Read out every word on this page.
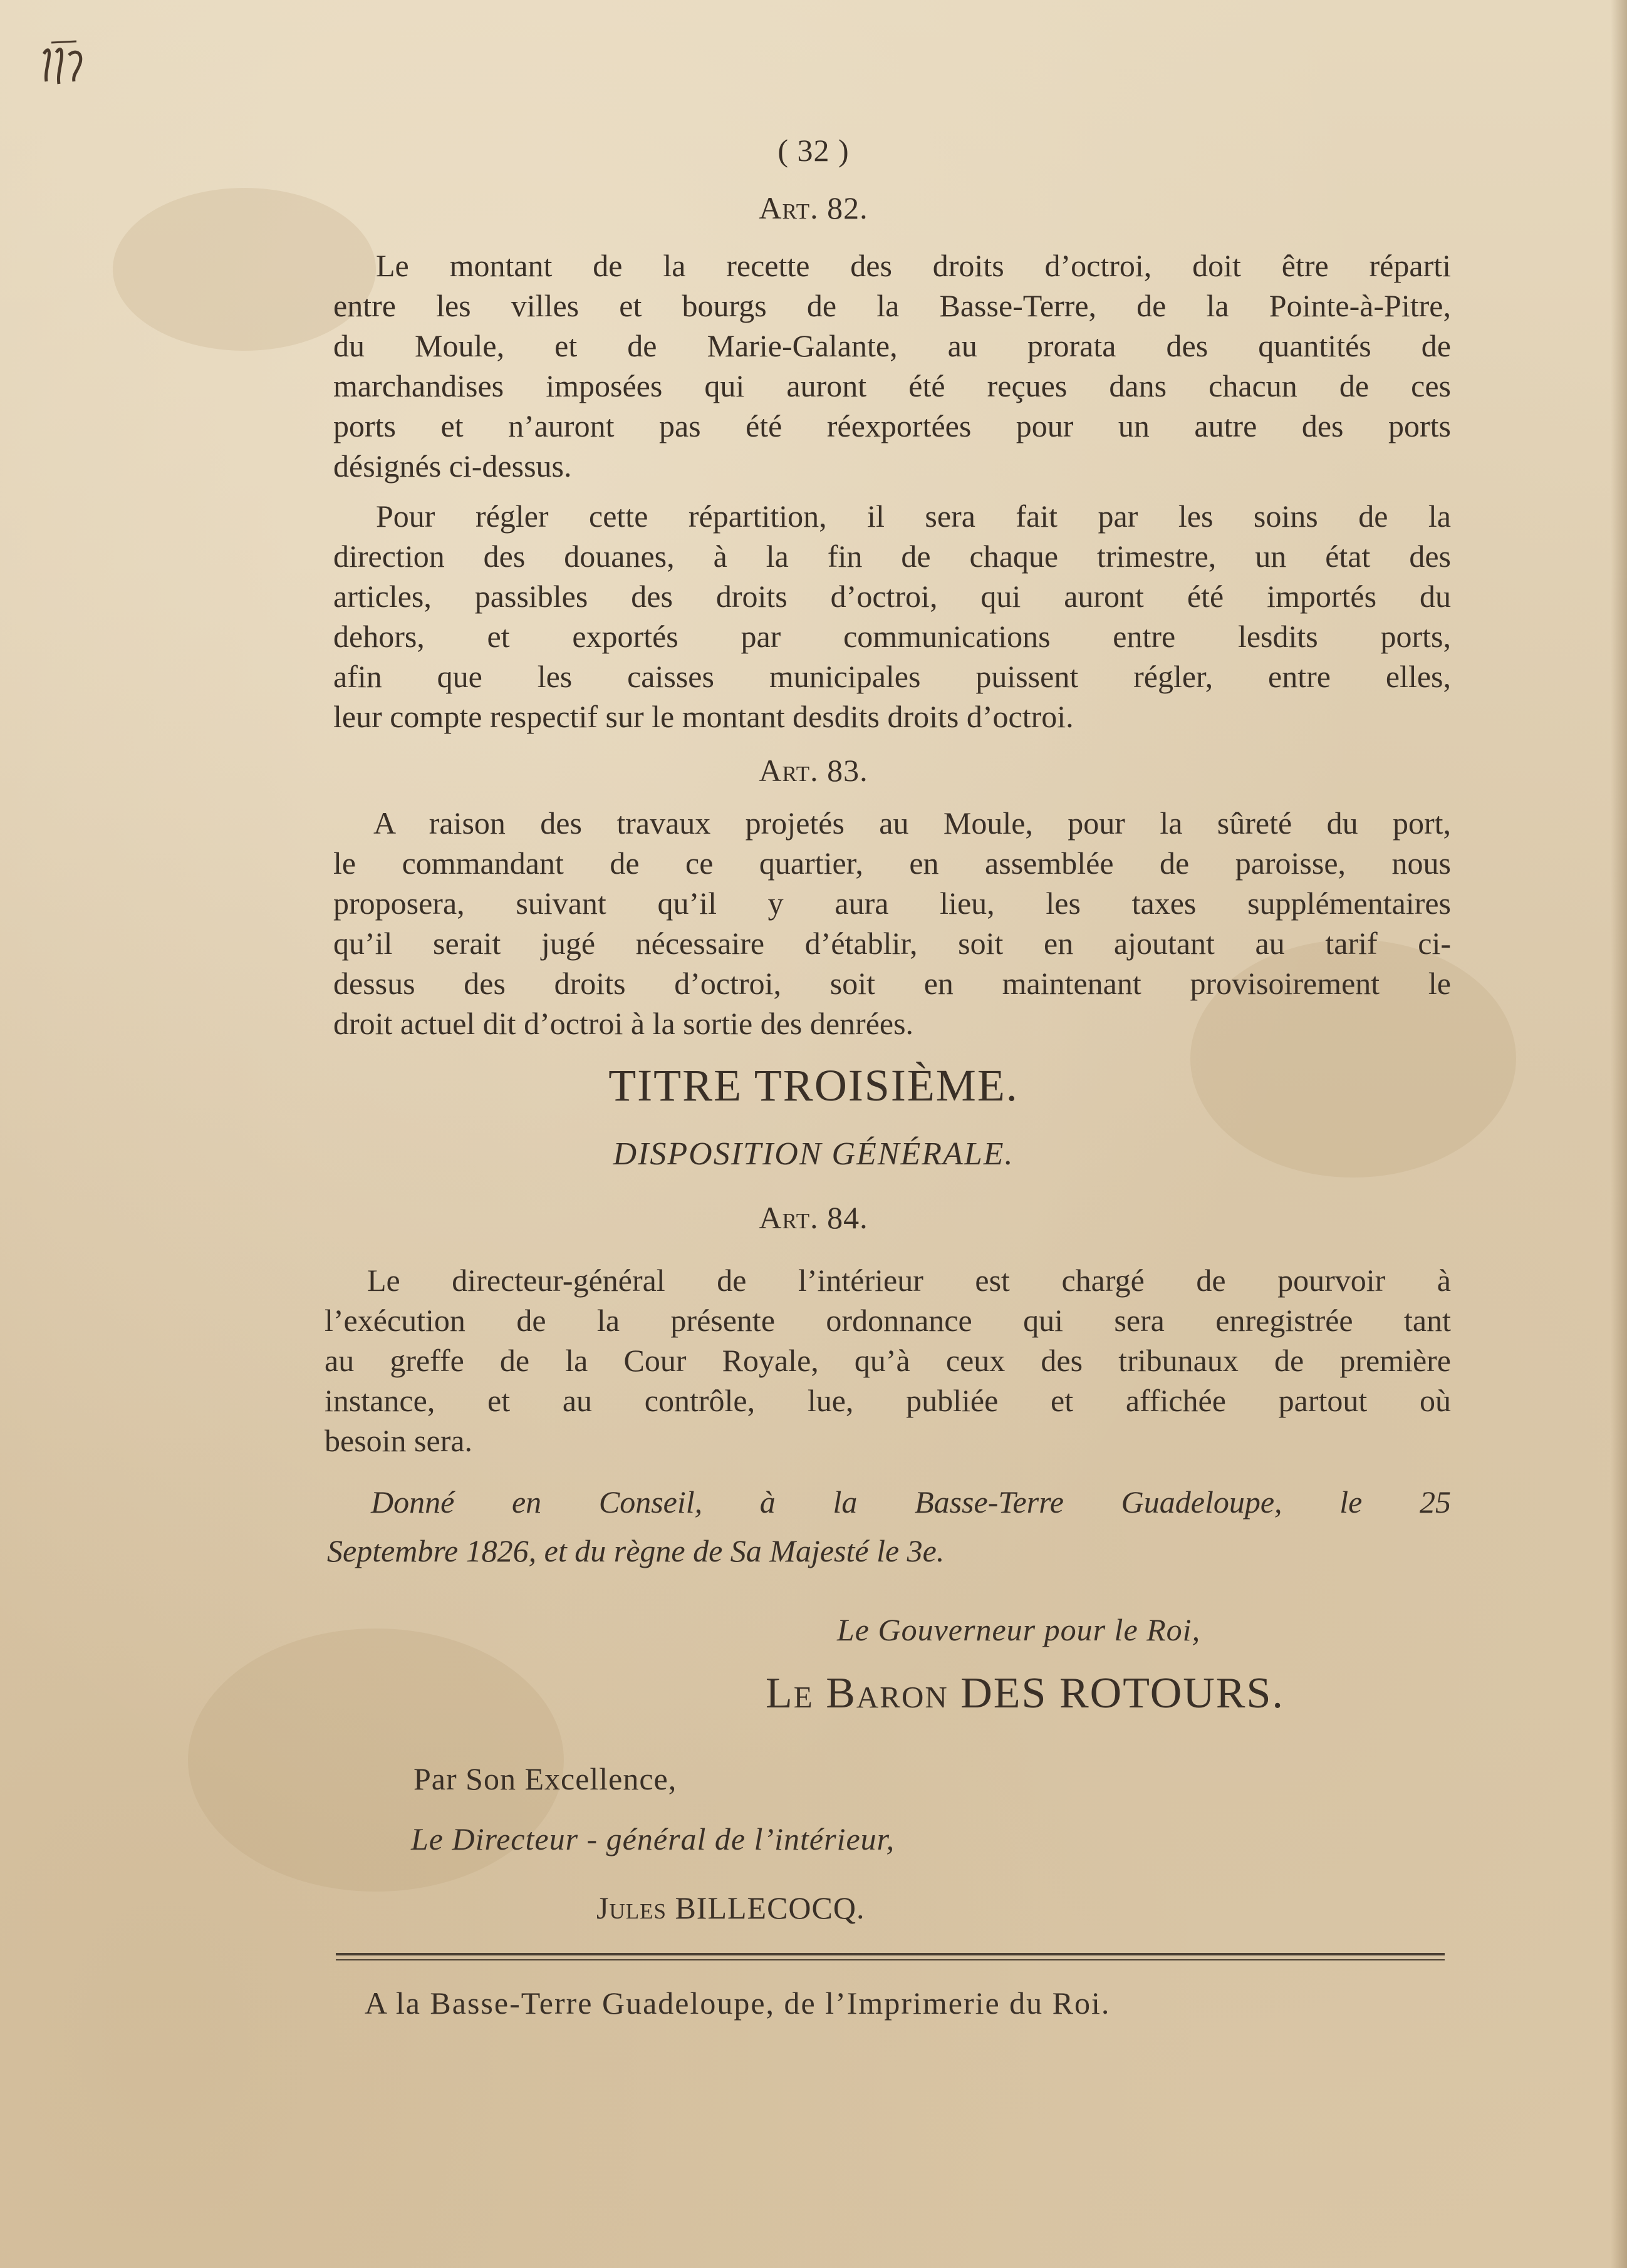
( 32 )
Art. 82.
Le montant de la recette des droits d’octroi, doit être réparti
entre les villes et bourgs de la Basse-Terre, de la Pointe-à-Pitre,
du Moule, et de Marie-Galante, au prorata des quantités de
marchandises imposées qui auront été reçues dans chacun de ces
ports et n’auront pas été réexportées pour un autre des ports
désignés ci-dessus.
Pour régler cette répartition, il sera fait par les soins de la
direction des douanes, à la fin de chaque trimestre, un état des
articles, passibles des droits d’octroi, qui auront été importés du
dehors, et exportés par communications entre lesdits ports,
afin que les caisses municipales puissent régler, entre elles,
leur compte respectif sur le montant desdits droits d’octroi.
Art. 83.
A raison des travaux projetés au Moule, pour la sûreté du port,
le commandant de ce quartier, en assemblée de paroisse, nous
proposera, suivant qu’il y aura lieu, les taxes supplémentaires
qu’il serait jugé nécessaire d’établir, soit en ajoutant au tarif ci-
dessus des droits d’octroi, soit en maintenant provisoirement le
droit actuel dit d’octroi à la sortie des denrées.
TITRE TROISIÈME.
DISPOSITION GÉNÉRALE.
Art. 84.
Le directeur-général de l’intérieur est chargé de pourvoir à
l’exécution de la présente ordonnance qui sera enregistrée tant
au greffe de la Cour Royale, qu’à ceux des tribunaux de première
instance, et au contrôle, lue, publiée et affichée partout où
besoin sera.
Donné en Conseil, à la Basse-Terre Guadeloupe, le 25
Septembre 1826, et du règne de Sa Majesté le 3e.
Le Gouverneur pour le Roi,
Le Baron DES ROTOURS.
Par Son Excellence,
Le Directeur - général de l’intérieur,
Jules BILLECOCQ.
A la Basse-Terre Guadeloupe, de l’Imprimerie du Roi.
